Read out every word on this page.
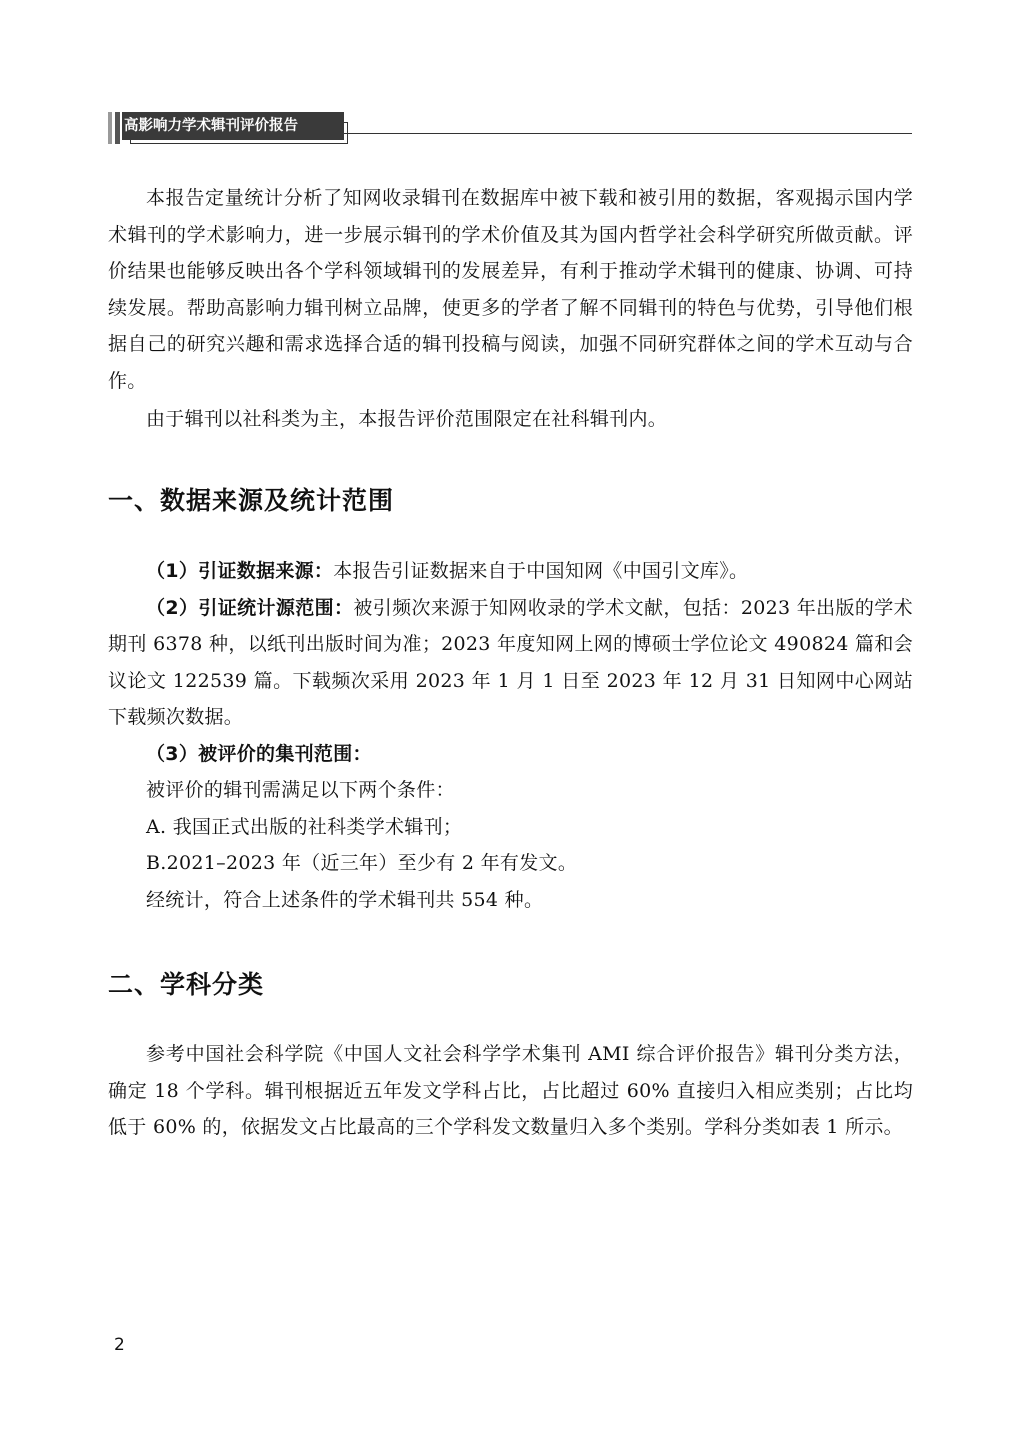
高影响力学术辑刊评价报告

本报告定量统计分析了知网收录辑刊在数据库中被下载和被引用的数据，客观揭示国内学术辑刊的学术影响力，进一步展示辑刊的学术价值及其为国内哲学社会科学研究所做贡献。评价结果也能够反映出各个学科领域辑刊的发展差异，有利于推动学术辑刊的健康、协调、可持续发展。帮助高影响力辑刊树立品牌，使更多的学者了解不同辑刊的特色与优势，引导他们根据自己的研究兴趣和需求选择合适的辑刊投稿与阅读，加强不同研究群体之间的学术互动与合作。

由于辑刊以社科类为主，本报告评价范围限定在社科辑刊内。

一、数据来源及统计范围

（1）引证数据来源：本报告引证数据来自于中国知网《中国引文库》。

（2）引证统计源范围：被引频次来源于知网收录的学术文献，包括：2023 年出版的学术期刊 6378 种，以纸刊出版时间为准；2023 年度知网上网的博硕士学位论文 490824 篇和会议论文 122539 篇。下载频次采用 2023 年 1 月 1 日至 2023 年 12 月 31 日知网中心网站下载频次数据。

（3）被评价的集刊范围：

被评价的辑刊需满足以下两个条件：

A. 我国正式出版的社科类学术辑刊；

B.2021–2023 年（近三年）至少有 2 年有发文。

经统计，符合上述条件的学术辑刊共 554 种。

二、学科分类

参考中国社会科学院《中国人文社会科学学术集刊 AMI 综合评价报告》辑刊分类方法，确定 18 个学科。辑刊根据近五年发文学科占比，占比超过 60% 直接归入相应类别；占比均低于 60% 的，依据发文占比最高的三个学科发文数量归入多个类别。学科分类如表 1 所示。

2
